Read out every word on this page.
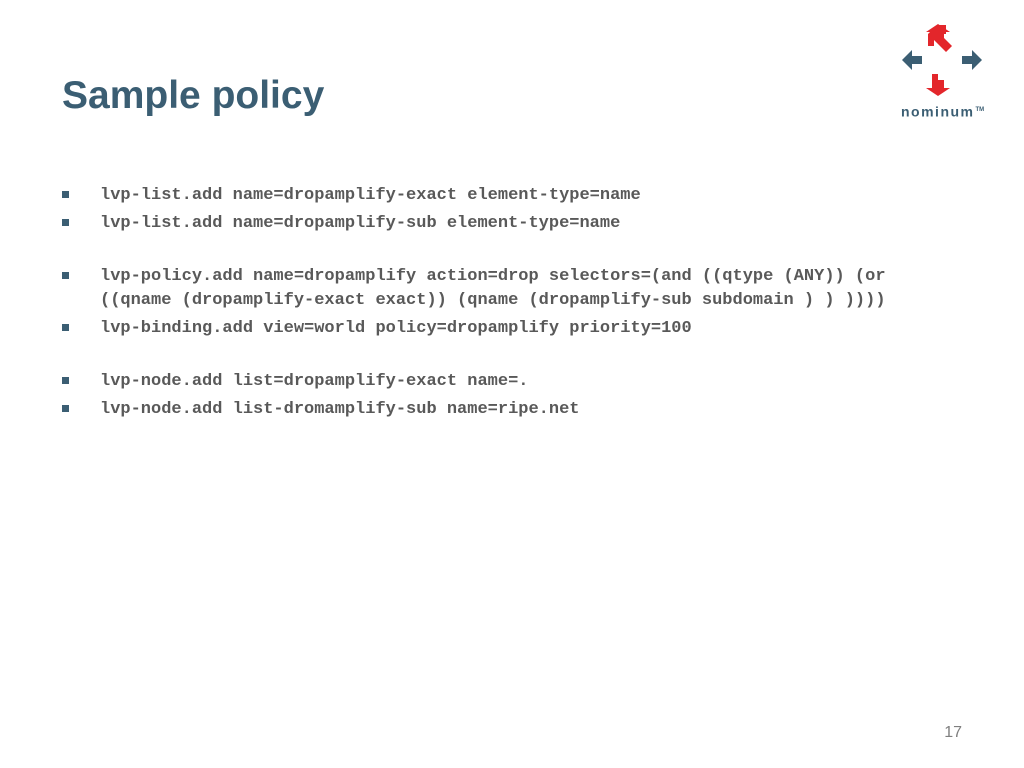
Sample policy	nominum™
lvp-list.add name=dropamplify-exact element-type=name
lvp-list.add name=dropamplify-sub element-type=name
lvp-policy.add name=dropamplify action=drop selectors=(and ((qtype (ANY)) (or ((qname (dropamplify-exact exact)) (qname (dropamplify-sub subdomain ) ) ))))
lvp-binding.add view=world policy=dropamplify priority=100
lvp-node.add list=dropamplify-exact name=.
lvp-node.add list-dromamplify-sub name=ripe.net
17
